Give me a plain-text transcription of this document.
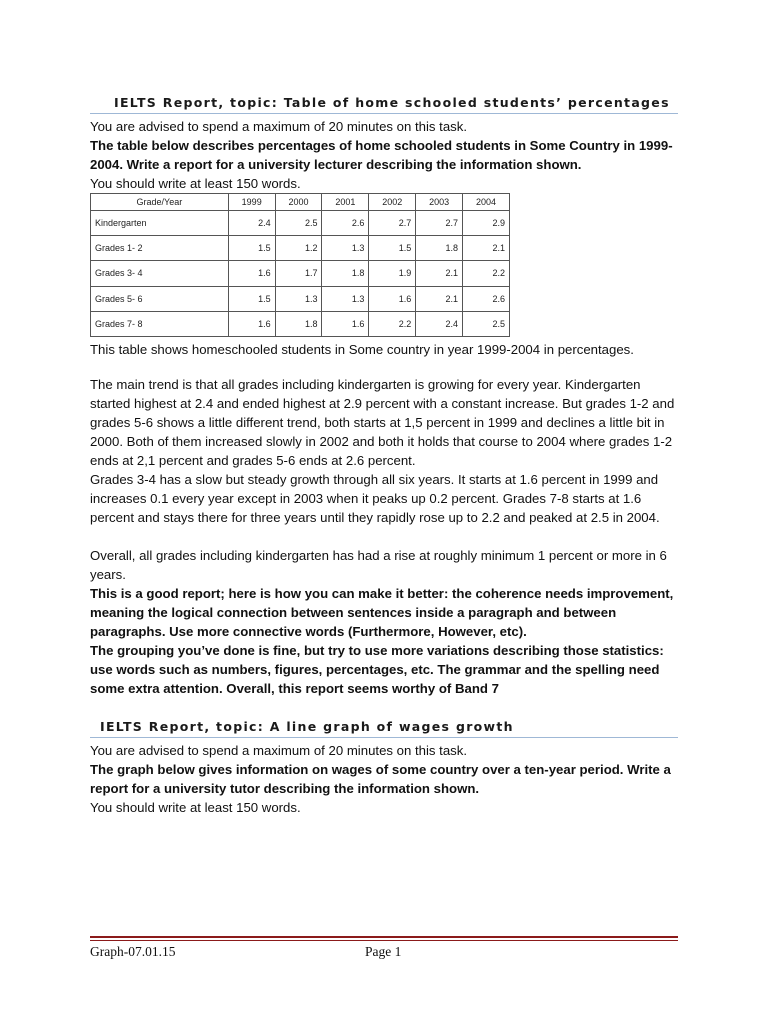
IELTS Report, topic: Table of home schooled students’ percentages

You are advised to spend a maximum of 20 minutes on this task.

The table below describes percentages of home schooled students in Some Country in 1999-2004. Write a report for a university lecturer describing the information shown.

You should write at least 150 words.

Grade/Year	1999	2000	2001	2002	2003	2004
Kindergarten	2.4	2.5	2.6	2.7	2.7	2.9
Grades 1- 2	1.5	1.2	1.3	1.5	1.8	2.1
Grades 3- 4	1.6	1.7	1.8	1.9	2.1	2.2
Grades 5- 6	1.5	1.3	1.3	1.6	2.1	2.6
Grades 7- 8	1.6	1.8	1.6	2.2	2.4	2.5

This table shows homeschooled students in Some country in year 1999-2004 in percentages.

The main trend is that all grades including kindergarten is growing for every year. Kindergarten started highest at 2.4 and ended highest at 2.9 percent with a constant increase. But grades 1-2 and grades 5-6 shows a little different trend, both starts at 1,5 percent in 1999 and declines a little bit in 2000. Both of them increased slowly in 2002 and both it holds that course to 2004 where grades 1-2 ends at 2,1 percent and grades 5-6 ends at 2.6 percent.

Grades 3-4 has a slow but steady growth through all six years. It starts at 1.6 percent in 1999 and increases 0.1 every year except in 2003 when it peaks up 0.2 percent. Grades 7-8 starts at 1.6 percent and stays there for three years until they rapidly rose up to 2.2 and peaked at 2.5 in 2004.

Overall, all grades including kindergarten has had a rise at roughly minimum 1 percent or more in 6 years.

This is a good report; here is how you can make it better: the coherence needs improvement, meaning the logical connection between sentences inside a paragraph and between paragraphs. Use more connective words (Furthermore, However, etc).

The grouping you’ve done is fine, but try to use more variations describing those statistics: use words such as numbers, figures, percentages, etc. The grammar and the spelling need some extra attention. Overall, this report seems worthy of Band 7

IELTS Report, topic: A line graph of wages growth

You are advised to spend a maximum of 20 minutes on this task.

The graph below gives information on wages of some country over a ten-year period. Write a report for a university tutor describing the information shown.

You should write at least 150 words.

Graph-07.01.15	Page 1
